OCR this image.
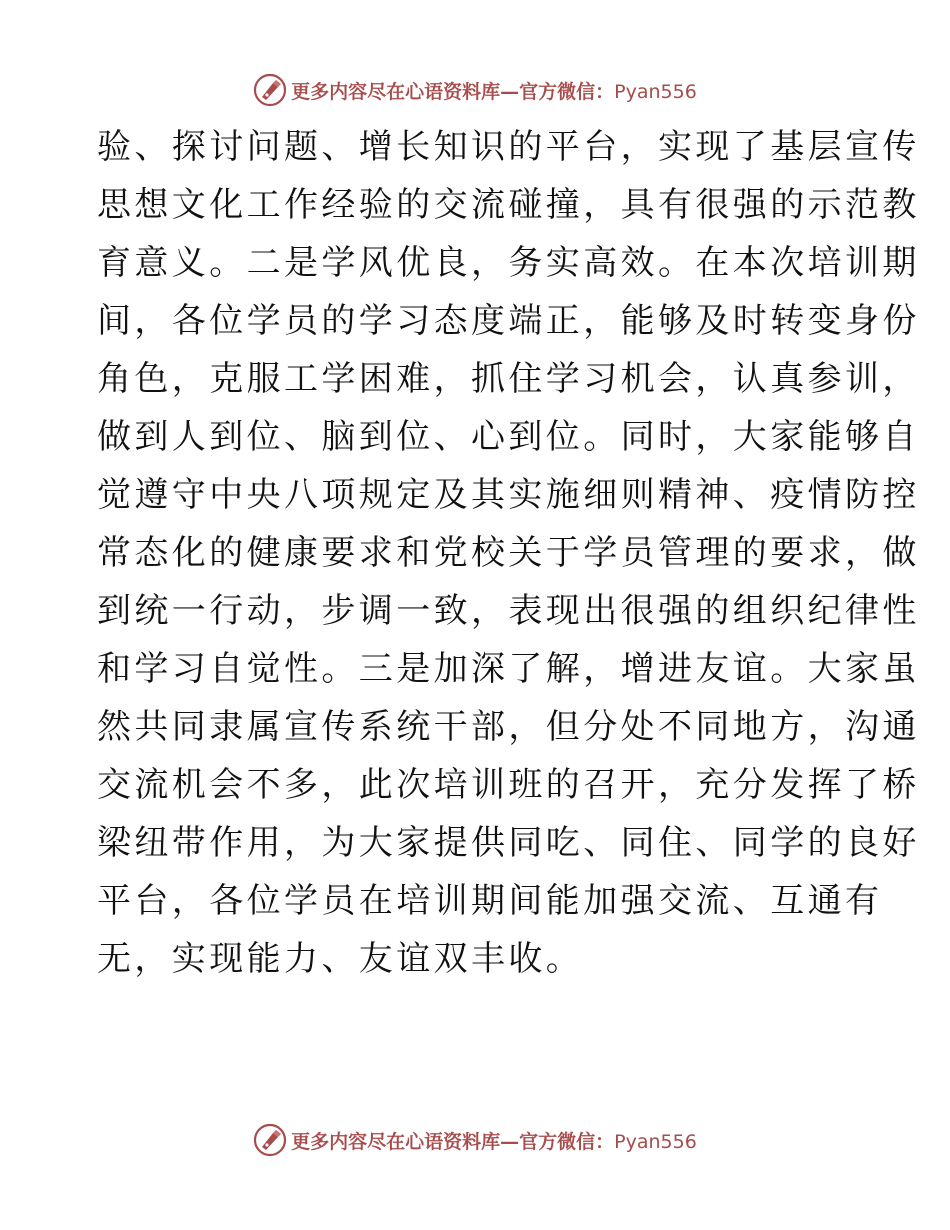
更多内容尽在心语资料库—官方微信：Pyan556
验、探讨问题、增长知识的平台，实现了基层宣传
思想文化工作经验的交流碰撞，具有很强的示范教
育意义。二是学风优良，务实高效。在本次培训期
间，各位学员的学习态度端正，能够及时转变身份
角色，克服工学困难，抓住学习机会，认真参训，
做到人到位、脑到位、心到位。同时，大家能够自
觉遵守中央八项规定及其实施细则精神、疫情防控
常态化的健康要求和党校关于学员管理的要求，做
到统一行动，步调一致，表现出很强的组织纪律性
和学习自觉性。三是加深了解，增进友谊。大家虽
然共同隶属宣传系统干部，但分处不同地方，沟通
交流机会不多，此次培训班的召开，充分发挥了桥
梁纽带作用，为大家提供同吃、同住、同学的良好
平台，各位学员在培训期间能加强交流、互通有
无，实现能力、友谊双丰收。
更多内容尽在心语资料库—官方微信：Pyan556
